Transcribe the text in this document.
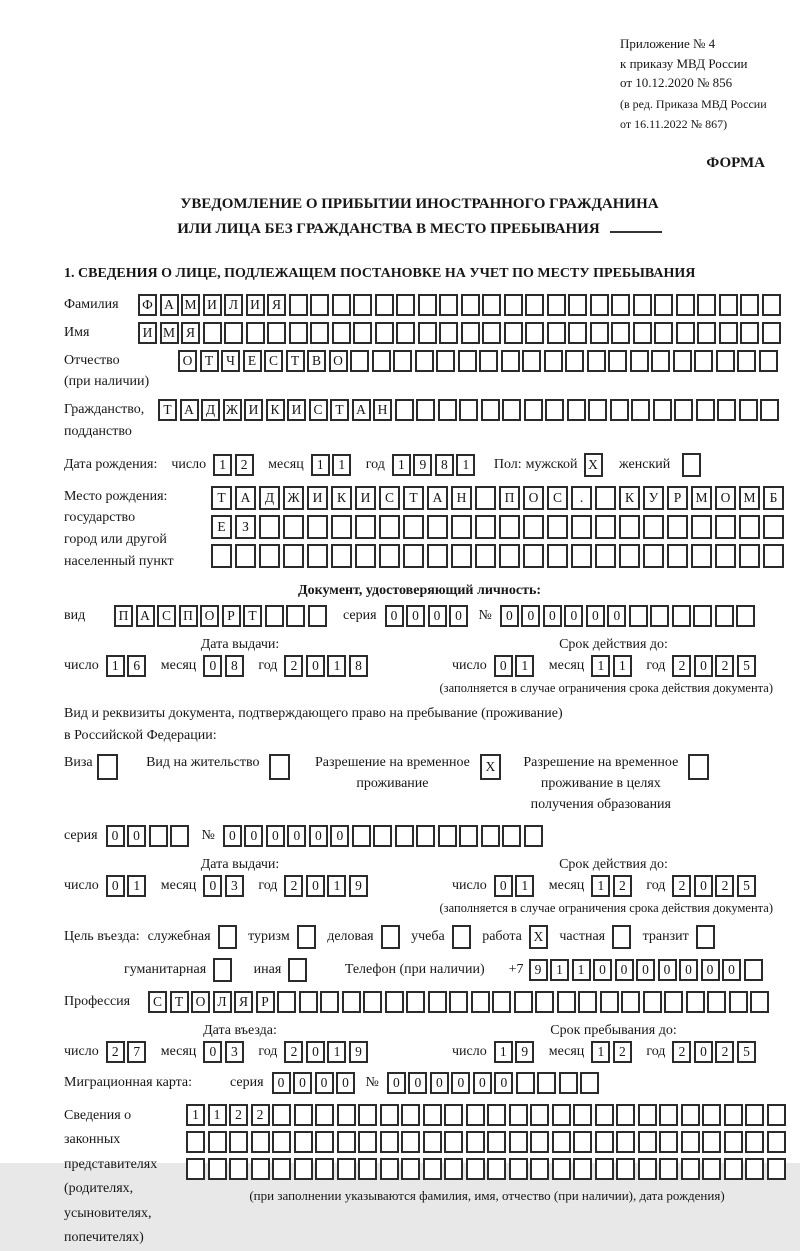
Приложение № 4
к приказу МВД России
от 10.12.2020 № 856
(в ред. Приказа МВД России
от 16.11.2022 № 867)
ФОРМА
УВЕДОМЛЕНИЕ О ПРИБЫТИИ ИНОСТРАННОГО ГРАЖДАНИНА
ИЛИ ЛИЦА БЕЗ ГРАЖДАНСТВА В МЕСТО ПРЕБЫВАНИЯ
1. СВЕДЕНИЯ О ЛИЦЕ, ПОДЛЕЖАЩЕМ ПОСТАНОВКЕ НА УЧЕТ ПО МЕСТУ ПРЕБЫВАНИЯ
Фамилия	Ф А М И Л И Я
Имя	И М Я
Отчество
(при наличии)
О Т Ч Е С Т В О
Гражданство,
подданство
Т А Д Ж И К И С Т А Н
Дата рождения: число 1	2	месяц 1	1	год 1	9	8	1	Пол: мужской X	женский
Место рождения:
государство
город или другой
населенный пункт
Т	А	Д Ж И	К	И	С	Т	А	Н	П	О	С	.	К	У	Р	М О М	Б
Е	З
Документ, удостоверяющий личность:
вид	П А С П О Р	Т	серия	0	0	0	0	№	0	0	0	0	0	0
Дата выдачи:	Срок действия до:
число 1	6	месяц 0	8	год 2	0	1	8	число 0	1	месяц 1	1	год 2	0	2	5
(заполняется в случае ограничения срока действия документа)
Вид и реквизиты документа, подтверждающего право на пребывание (проживание)
в Российской Федерации:
Виза	Вид на жительство	Разрешение на временное
проживание
X	Разрешение на временное
проживание в целях
получения образования
серия	0	0	№	0	0	0	0	0	0
Дата выдачи:	Срок действия до:
число 0	1	месяц 0	3	год 2	0	1	9	число 0	1	месяц 1	2	год 2	0	2	5
(заполняется в случае ограничения срока действия документа)
Цель въезда: служебная	туризм	деловая	учеба	работа X	частная	транзит
гуманитарная	иная	Телефон (при наличии) +7 9	1	1	0	0	0	0	0	0	0
Профессия	С Т О Л Я Р
Дата въезда:	Срок пребывания до:
число 2	7	месяц 0	3	год 2	0	1	9	число 1	9	месяц 1	2	год 2	0	2	5
Миграционная карта:	серия	0	0	0	0	№	0	0	0	0	0	0
Сведения о
законных
представителях
(родителях,
усыновителях,
попечителях)
1	1	2	2
(при заполнении указываются фамилия, имя, отчество (при наличии), дата рождения)
